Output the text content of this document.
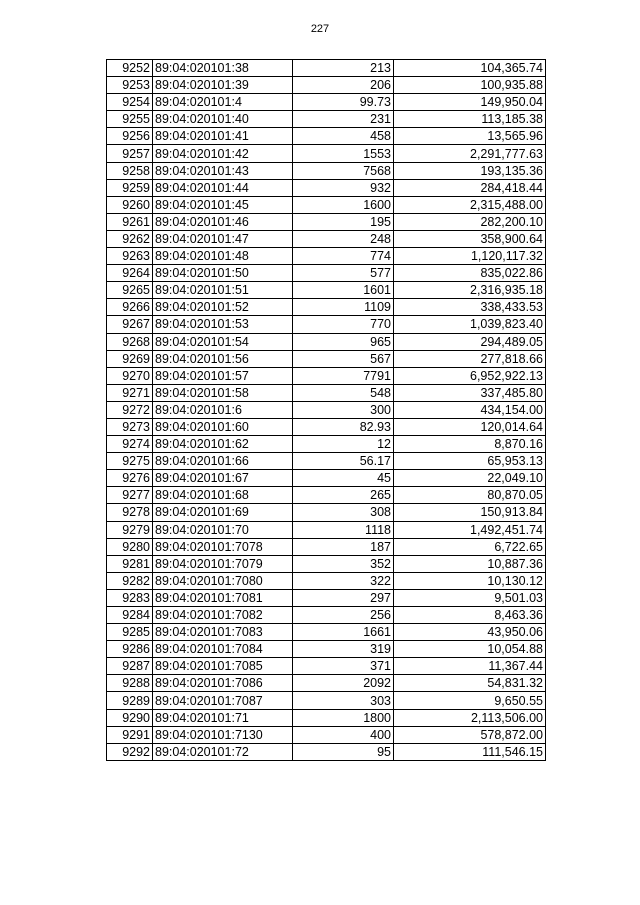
227
9252	89:04:020101:38	213	104,365.74
9253	89:04:020101:39	206	100,935.88
9254	89:04:020101:4	99.73	149,950.04
9255	89:04:020101:40	231	113,185.38
9256	89:04:020101:41	458	13,565.96
9257	89:04:020101:42	1553	2,291,777.63
9258	89:04:020101:43	7568	193,135.36
9259	89:04:020101:44	932	284,418.44
9260	89:04:020101:45	1600	2,315,488.00
9261	89:04:020101:46	195	282,200.10
9262	89:04:020101:47	248	358,900.64
9263	89:04:020101:48	774	1,120,117.32
9264	89:04:020101:50	577	835,022.86
9265	89:04:020101:51	1601	2,316,935.18
9266	89:04:020101:52	1109	338,433.53
9267	89:04:020101:53	770	1,039,823.40
9268	89:04:020101:54	965	294,489.05
9269	89:04:020101:56	567	277,818.66
9270	89:04:020101:57	7791	6,952,922.13
9271	89:04:020101:58	548	337,485.80
9272	89:04:020101:6	300	434,154.00
9273	89:04:020101:60	82.93	120,014.64
9274	89:04:020101:62	12	8,870.16
9275	89:04:020101:66	56.17	65,953.13
9276	89:04:020101:67	45	22,049.10
9277	89:04:020101:68	265	80,870.05
9278	89:04:020101:69	308	150,913.84
9279	89:04:020101:70	1118	1,492,451.74
9280	89:04:020101:7078	187	6,722.65
9281	89:04:020101:7079	352	10,887.36
9282	89:04:020101:7080	322	10,130.12
9283	89:04:020101:7081	297	9,501.03
9284	89:04:020101:7082	256	8,463.36
9285	89:04:020101:7083	1661	43,950.06
9286	89:04:020101:7084	319	10,054.88
9287	89:04:020101:7085	371	11,367.44
9288	89:04:020101:7086	2092	54,831.32
9289	89:04:020101:7087	303	9,650.55
9290	89:04:020101:71	1800	2,113,506.00
9291	89:04:020101:7130	400	578,872.00
9292	89:04:020101:72	95	111,546.15
